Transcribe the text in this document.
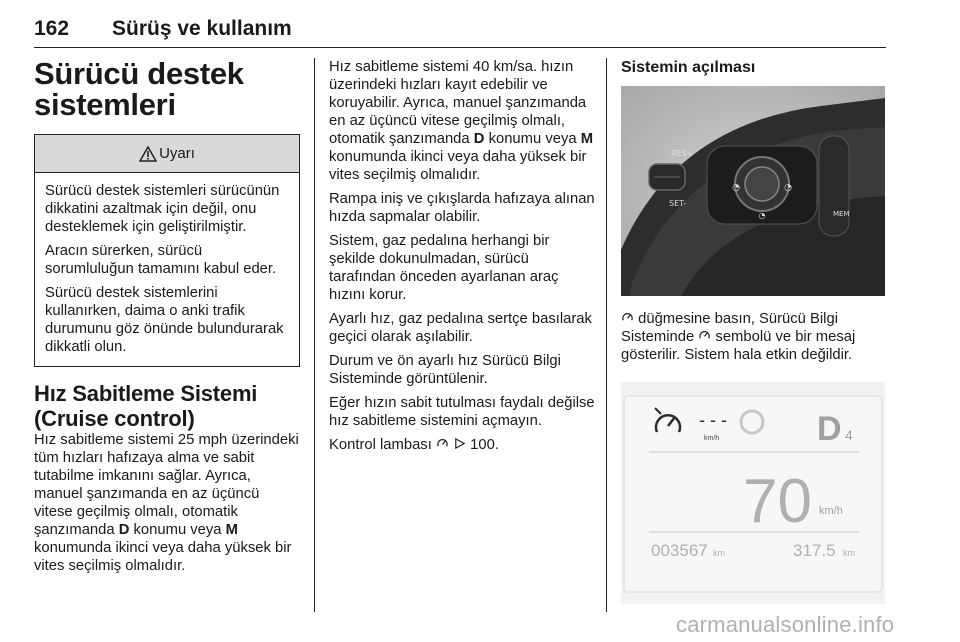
162 Sürüş ve kullanım
Sürücü destek sistemleri
Uyarı

Sürücü destek sistemleri sürücünün dikkatini azaltmak için değil, onu desteklemek için geliştirilmiştir.

Aracın sürerken, sürücü sorumluluğun tamamını kabul eder.

Sürücü destek sistemlerini kullanırken, daima o anki trafik durumunu göz önünde bulundurarak dikkatli olun.

Hız Sabitleme Sistemi (Cruise control)

Hız sabitleme sistemi 25 mph üzerindeki tüm hızları hafızaya alma ve sabit tutabilme imkanını sağlar. Ayrıca, manuel şanzımanda en az üçüncü vitese geçilmiş olmalı, otomatik şanzımanda D konumu veya M konumunda ikinci veya daha yüksek bir vites seçilmiş olmalıdır.

Hız sabitleme sistemi 40 km/sa. hızın üzerindeki hızları kayıt edebilir ve koruyabilir. Ayrıca, manuel şanzımanda en az üçüncü vitese geçilmiş olmalı, otomatik şanzımanda D konumu veya M konumunda ikinci veya daha yüksek bir vites seçilmiş olmalıdır.

Rampa iniş ve çıkışlarda hafızaya alınan hızda sapmalar olabilir.

Sistem, gaz pedalına herhangi bir şekilde dokunulmadan, sürücü tarafından önceden ayarlanan araç hızını korur.

Ayarlı hız, gaz pedalına sertçe basılarak geçici olarak aşılabilir.

Durum ve ön ayarlı hız Sürücü Bilgi Sisteminde görüntülenir.

Eğer hızın sabit tutulması faydalı değilse hız sabitleme sistemini açmayın.

Kontrol lambası   100.

Sistemin açılması
◔	◔
◔
RES+
SET-
MEM

düğmesine basın, Sürücü Bilgi Sisteminde  sembolü ve bir mesaj gösterilir. Sistem hala etkin değildir.

- - -
km/h	D 4
70 km/h
003567 km	317.5 km
carmanualsonline.info
